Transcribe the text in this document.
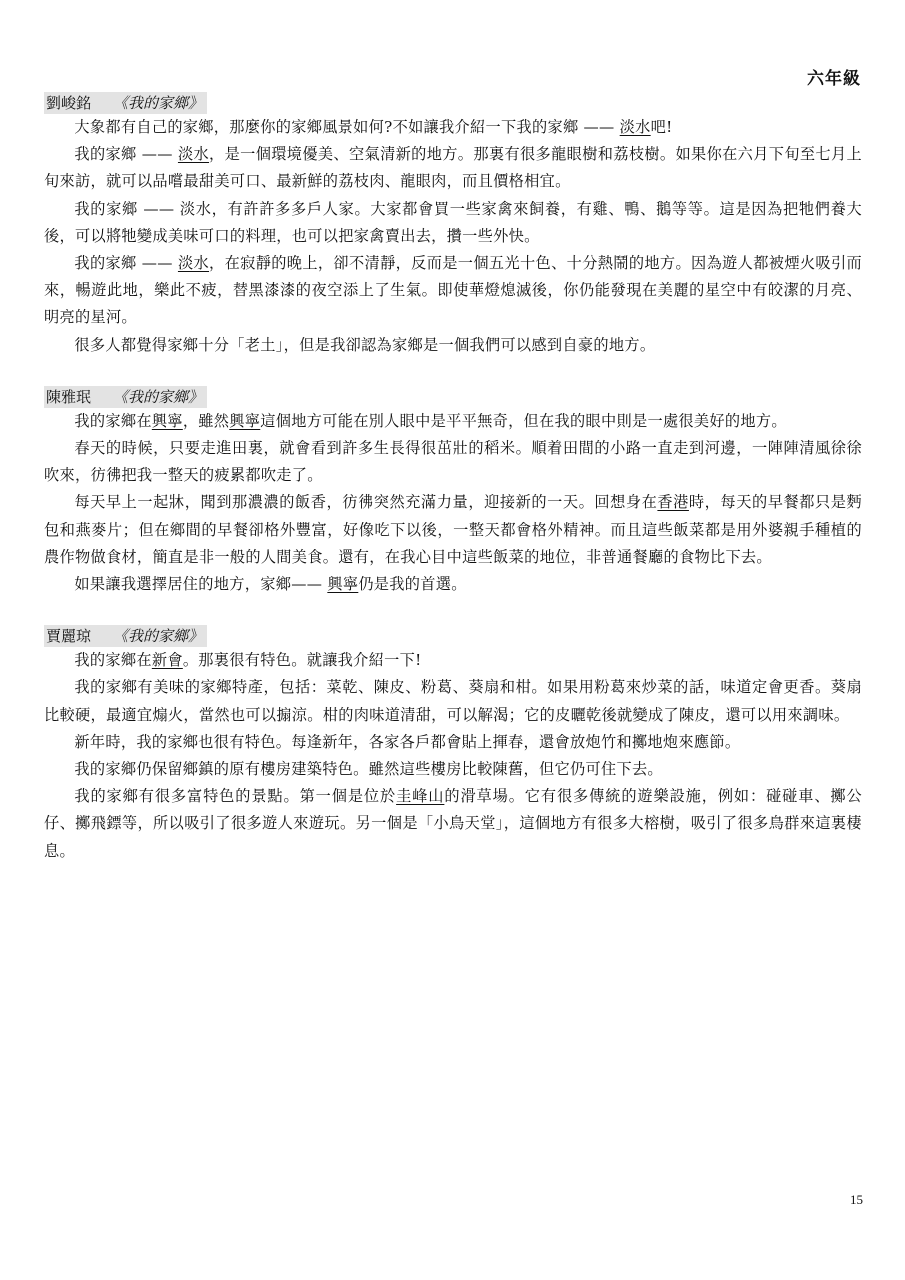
六年級
劉峻銘 《我的家鄉》

大象都有自己的家鄉，那麼你的家鄉風景如何?不如讓我介紹一下我的家鄉 —— 淡水吧!

我的家鄉 —— 淡水，是一個環境優美、空氣清新的地方。那裏有很多龍眼樹和荔枝樹。如果你在六月下旬至七月上旬來訪，就可以品嚐最甜美可口、最新鮮的荔枝肉、龍眼肉，而且價格相宜。

我的家鄉 —— 淡水，有許許多多戶人家。大家都會買一些家禽來飼養，有雞、鴨、鵝等等。這是因為把牠們養大後，可以將牠變成美味可口的料理，也可以把家禽賣出去，攢一些外快。

我的家鄉 —— 淡水，在寂靜的晚上，卻不清靜，反而是一個五光十色、十分熱鬧的地方。因為遊人都被煙火吸引而來，暢遊此地，樂此不疲，替黑漆漆的夜空添上了生氣。即使華燈熄滅後，你仍能發現在美麗的星空中有皎潔的月亮、明亮的星河。

很多人都覺得家鄉十分「老土」，但是我卻認為家鄉是一個我們可以感到自豪的地方。

陳雅珉 《我的家鄉》

我的家鄉在興寧，雖然興寧這個地方可能在別人眼中是平平無奇，但在我的眼中則是一處很美好的地方。

春天的時候，只要走進田裏，就會看到許多生長得很茁壯的稻米。順着田間的小路一直走到河邊，一陣陣清風徐徐吹來，彷彿把我一整天的疲累都吹走了。

每天早上一起牀，聞到那濃濃的飯香，彷彿突然充滿力量，迎接新的一天。回想身在香港時，每天的早餐都只是麪包和燕麥片；但在鄉間的早餐卻格外豐富，好像吃下以後，一整天都會格外精神。而且這些飯菜都是用外婆親手種植的農作物做食材，簡直是非一般的人間美食。還有，在我心目中這些飯菜的地位，非普通餐廳的食物比下去。

如果讓我選擇居住的地方，家鄉—— 興寧仍是我的首選。

賈麗琼 《我的家鄉》

我的家鄉在新會。那裏很有特色。就讓我介紹一下!

我的家鄉有美味的家鄉特產，包括：菜乾、陳皮、粉葛、葵扇和柑。如果用粉葛來炒菜的話，味道定會更香。葵扇比較硬，最適宜煽火，當然也可以搧涼。柑的肉味道清甜，可以解渴；它的皮曬乾後就變成了陳皮，還可以用來調味。

新年時，我的家鄉也很有特色。每逢新年，各家各戶都會貼上揮春，還會放炮竹和擲地炮來應節。

我的家鄉仍保留鄉鎮的原有樓房建築特色。雖然這些樓房比較陳舊，但它仍可住下去。

我的家鄉有很多富特色的景點。第一個是位於圭峰山的滑草場。它有很多傳統的遊樂設施，例如：碰碰車、擲公仔、擲飛鏢等，所以吸引了很多遊人來遊玩。另一個是「小鳥天堂」，這個地方有很多大榕樹，吸引了很多鳥群來這裏棲息。

15
